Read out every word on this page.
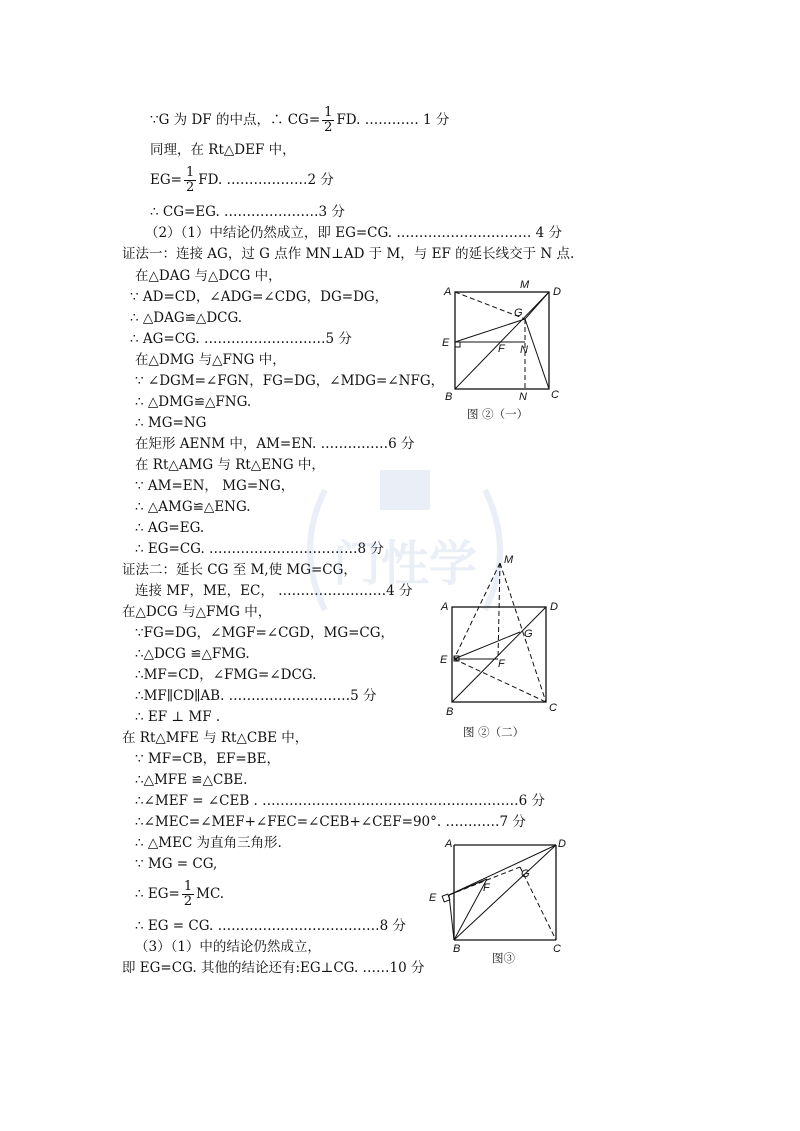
∵G 为 DF 的中点，∴ $CG= \frac{1}{2}$ FD. ………… 1 分
同理，在 Rt△DEF 中，
$EG= \frac{1}{2}$ FD. ………………2 分
∴ CG=EG. …………………3 分
（2）（1）中结论仍然成立，即 EG=CG. ………………………… 4 分
证法一：连接 AG，过 G 点作 MN⊥AD 于 M，与 EF 的延长线交于 N 点.
在△DAG 与△DCG 中，
∵ AD=CD，∠ADG=∠CDG，DG=DG，
∴ △DAG≌△DCG.
∴ AG=CG. ………………………5 分
在△DMG 与△FNG 中，
∵ ∠DGM=∠FGN，FG=DG，∠MDG=∠NFG，
∴ △DMG≌△FNG.
∴ MG=NG
在矩形 AENM 中，AM=EN. ……………6 分
在 Rt△AMG 与 Rt△ENG 中，
∵ AM=EN， MG=NG，
∴ △AMG≌△ENG.
∴ AG=EG.
∴ EG=CG. ……………………………8 分
证法二：延长 CG 至 M,使 MG=CG，
连接 MF，ME，EC， ……………………4 分
在△DCG 与△FMG 中，
∵FG=DG，∠MGF=∠CGD，MG=CG，
∴△DCG ≌△FMG.
∴MF=CD，∠FMG=∠DCG.
∴MF∥CD∥AB. ………………………5 分
∴ EF ⊥ MF .
在 Rt△MFE 与 Rt△CBE 中，
∵ MF=CB，EF=BE，
∴△MFE ≌△CBE.
∴∠MEF = ∠CEB . …………………………………………………6 分
∴∠MEC=∠MEF+∠FEC=∠CEB+∠CEF=90°. …………7 分
∴ △MEC 为直角三角形.
∵ MG = CG,
∴ $EG= \frac{1}{2}$ MC.
∴ EG = CG. ………………………………8 分
（3）（1）中的结论仍然成立，
即 EG=CG. 其他的结论还有:EG⊥CG. ……10 分
A	D
M
G
E	F N
B	N C
图 ②（一）
门性学 M
A	D
G
E	F
B	C
图 ②（二）
A	D
E
F
G
B	C
图③
